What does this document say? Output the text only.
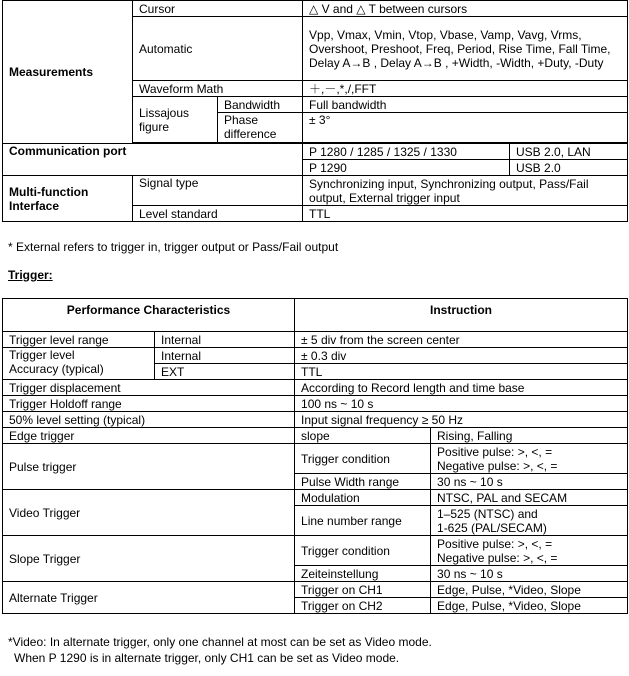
Measurements	Cursor		△ V and △ T between cursors	
	Automatic		Vpp, Vmax, Vmin, Vtop, Vbase, Vamp, Vavg, Vrms, Overshoot, Preshoot, Freq, Period, Rise Time, Fall Time, Delay A→B , Delay A→B , +Width, -Width, +Duty, -Duty	
	Waveform Math		＋,－,*,/,FFT	
	Lissajous figure	Bandwidth	Full bandwidth	
		Phase difference	± 3°	

Communication port			P 1280 / 1285 / 1325 / 1330	USB 2.0, LAN
			P 1290	USB 2.0
Multi-function Interface	Signal type		Synchronizing input, Synchronizing output, Pass/Fail output, External trigger input	
	Level standard		TTL	
* External refers to trigger in, trigger output or Pass/Fail output
Trigger:
Performance Characteristics		Instruction	
Trigger level range	Internal	± 5 div from the screen center	

Trigger level
Accuracy (typical)	Internal	± 0.3 div	
	EXT	TTL	
Trigger displacement		According to Record length and time base	
Trigger Holdoff range		100 ns ~ 10 s	
50% level setting (typical)		Input signal frequency ≥ 50 Hz	
Edge trigger		slope	Rising, Falling
Pulse trigger		Trigger condition	Positive pulse: >, <, =
Negative pulse: >, <, =
		Pulse Width range	30 ns ~ 10 s
Video Trigger		Modulation	NTSC, PAL and SECAM
		Line number range	1–525 (NTSC) and
1-625 (PAL/SECAM)
Slope Trigger		Trigger condition	Positive pulse: >, <, =
Negative pulse: >, <, =
		Zeiteinstellung	30 ns ~ 10 s
Alternate Trigger		Trigger on CH1	Edge, Pulse, *Video, Slope
		Trigger on CH2	Edge, Pulse, *Video, Slope
*Video: In alternate trigger, only one channel at most can be set as Video mode.
When P 1290 is in alternate trigger, only CH1 can be set as Video mode.
